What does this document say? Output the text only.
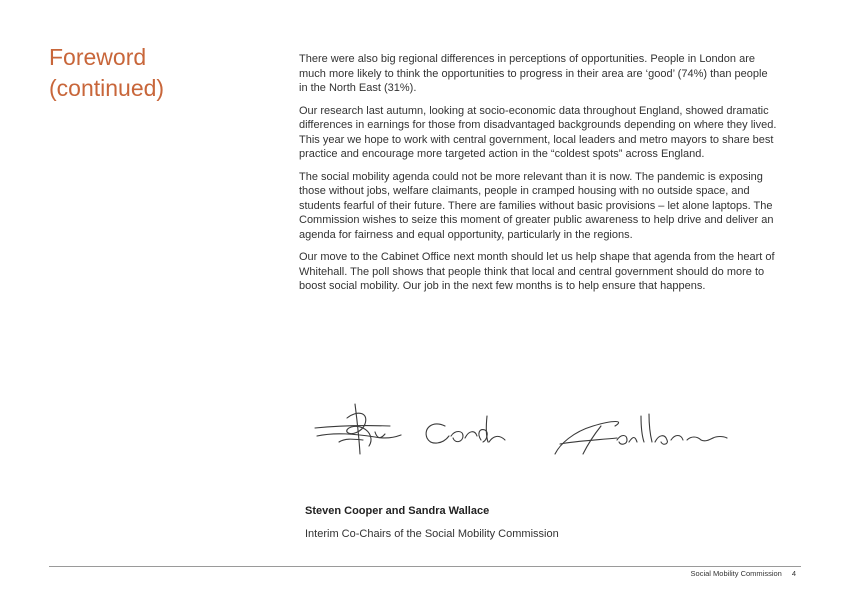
Foreword
(continued)

There were also big regional differences in perceptions of opportunities. People in London are much more likely to think the opportunities to progress in their area are ‘good’ (74%) than people in the North East (31%).

Our research last autumn, looking at socio-economic data throughout England, showed dramatic differences in earnings for those from disadvantaged backgrounds depending on where they lived. This year we hope to work with central government, local leaders and metro mayors to share best practice and encourage more targeted action in the “coldest spots” across England.

The social mobility agenda could not be more relevant than it is now. The pandemic is exposing those without jobs, welfare claimants, people in cramped housing with no outside space, and students fearful of their future. There are families without basic provisions – let alone laptops. The Commission wishes to seize this moment of greater public awareness to help drive and deliver an agenda for fairness and equal opportunity, particularly in the regions.

Our move to the Cabinet Office next month should let us help shape that agenda from the heart of Whitehall. The poll shows that people think that local and central government should do more to boost social mobility. Our job in the next few months is to help ensure that happens.

Steven Cooper and Sandra Wallace

Interim Co-Chairs of the Social Mobility Commission

Social Mobility Commission 4
